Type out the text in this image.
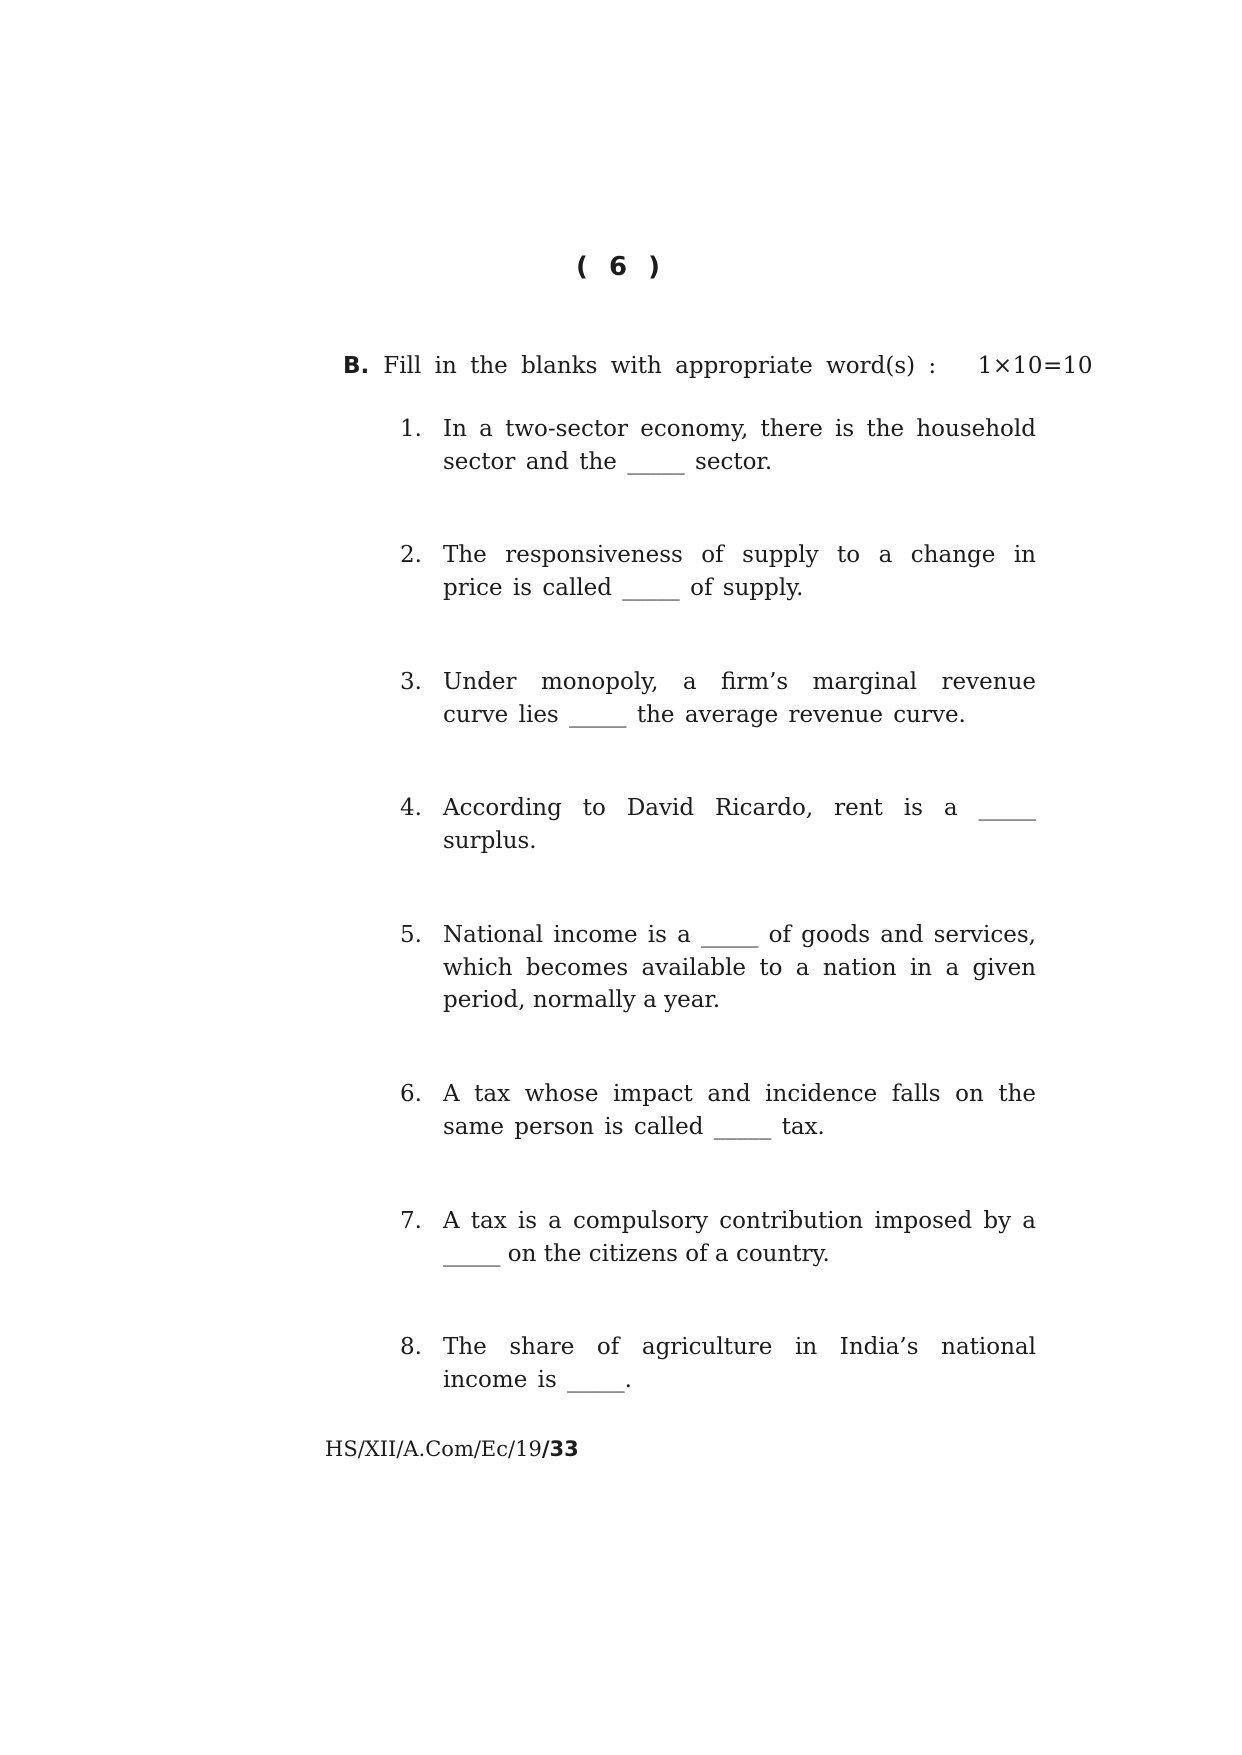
( 6 )
B. Fill in the blanks with appropriate word(s) : 1×10=10
1. In a two-sector economy, there is the household sector and the _____ sector.
2. The responsiveness of supply to a change in price is called _____ of supply.
3. Under monopoly, a firm’s marginal revenue curve lies _____ the average revenue curve.
4. According to David Ricardo, rent is a _____ surplus.
5. National income is a _____ of goods and services, which becomes available to a nation in a given period, normally a year.
6. A tax whose impact and incidence falls on the same person is called _____ tax.
7. A tax is a compulsory contribution imposed by a _____ on the citizens of a country.
8. The share of agriculture in India’s national income is _____.
HS/XII/A.Com/Ec/19/33
